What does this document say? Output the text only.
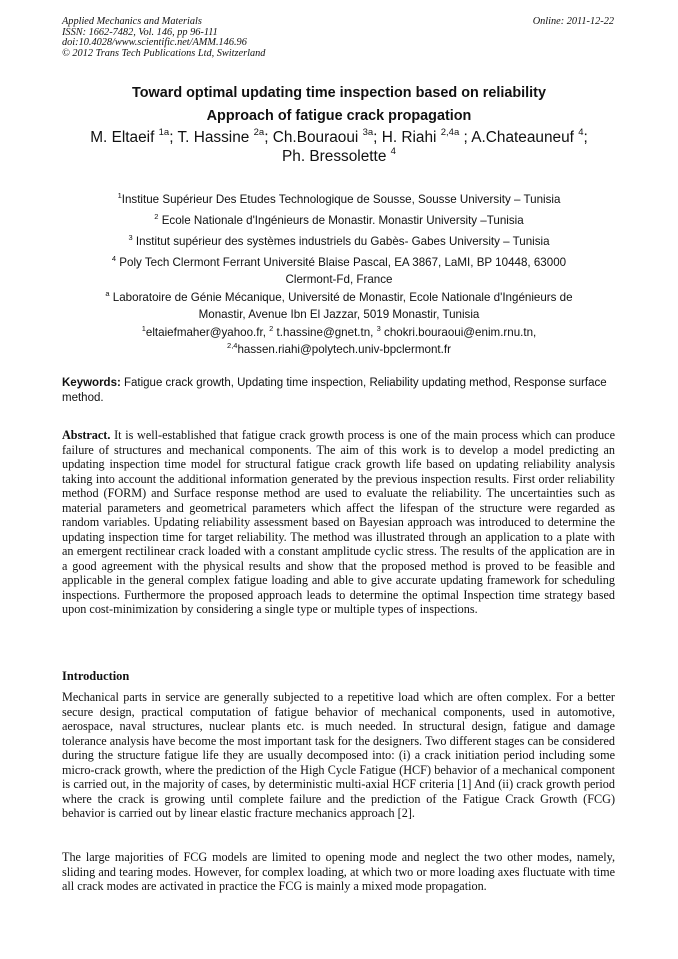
Applied Mechanics and Materials
ISSN: 1662-7482, Vol. 146, pp 96-111
doi:10.4028/www.scientific.net/AMM.146.96
© 2012 Trans Tech Publications Ltd, Switzerland
Online: 2011-12-22
Toward optimal updating time inspection based on reliability
Approach of fatigue crack propagation
M. Eltaeif $^{1a}$; T. Hassine $^{2a}$; Ch.Bouraoui $^{3a}$; H. Riahi $^{2,4a}$ ; A.Chateauneuf $^4$;
Ph. Bressolette $^4$
$^1$Institue Supérieur Des Etudes Technologique de Sousse, Sousse University – Tunisia
$^2$ Ecole Nationale d'Ingénieurs de Monastir. Monastir University –Tunisia
$^3$ Institut supérieur des systèmes industriels du Gabès- Gabes University – Tunisia
$^4$ Poly Tech Clermont Ferrant Université Blaise Pascal, EA 3867, LaMI, BP 10448, 63000
Clermont-Fd, France
$^a$ Laboratoire de Génie Mécanique, Université de Monastir, Ecole Nationale d'Ingénieurs de
Monastir, Avenue Ibn El Jazzar, 5019 Monastir, Tunisia
$^1$eltaiefmaher@yahoo.fr, $^2$ t.hassine@gnet.tn, $^3$ chokri.bouraoui@enim.rnu.tn,
$^{2,4}$hassen.riahi@polytech.univ-bpclermont.fr
Keywords: Fatigue crack growth, Updating time inspection, Reliability updating method, Response surface method.
Abstract. It is well-established that fatigue crack growth process is one of the main process which can produce failure of structures and mechanical components. The aim of this work is to develop a model predicting an updating inspection time model for structural fatigue crack growth life based on updating reliability analysis taking into account the additional information generated by the previous inspection results. First order reliability method (FORM) and Surface response method are used to evaluate the reliability. The uncertainties such as material parameters and geometrical parameters which affect the lifespan of the structure were regarded as random variables. Updating reliability assessment based on Bayesian approach was introduced to determine the updating inspection time for target reliability. The method was illustrated through an application to a plate with an emergent rectilinear crack loaded with a constant amplitude cyclic stress. The results of the application are in a good agreement with the physical results and show that the proposed method is proved to be feasible and applicable in the general complex fatigue loading and able to give accurate updating framework for scheduling inspections. Furthermore the proposed approach leads to determine the optimal Inspection time strategy based upon cost-minimization by considering a single type or multiple types of inspections.
Introduction
Mechanical parts in service are generally subjected to a repetitive load which are often complex. For a better secure design, practical computation of fatigue behavior of mechanical components, used in automotive, aerospace, naval structures, nuclear plants etc. is much needed. In structural design, fatigue and damage tolerance analysis have become the most important task for the designers. Two different stages can be considered during the structure fatigue life they are usually decomposed into: (i) a crack initiation period including some micro-crack growth, where the prediction of the High Cycle Fatigue (HCF) behavior of a mechanical component is carried out, in the majority of cases, by deterministic multi-axial HCF criteria [1] And (ii) crack growth period where the crack is growing until complete failure and the prediction of the Fatigue Crack Growth (FCG) behavior is carried out by linear elastic fracture mechanics approach [2].
The large majorities of FCG models are limited to opening mode and neglect the two other modes, namely, sliding and tearing modes. However, for complex loading, at which two or more loading axes fluctuate with time all crack modes are activated in practice the FCG is mainly a mixed mode propagation.
